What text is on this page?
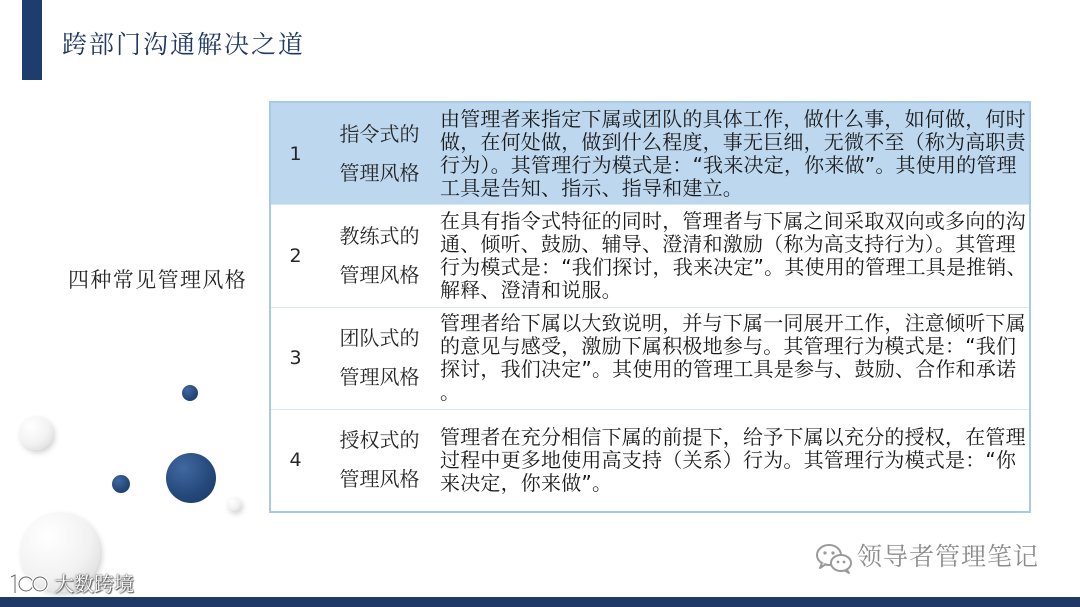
跨部门沟通解决之道
四种常见管理风格
1
指令式的管理风格
由管理者来指定下属或团队的具体工作，做什么事，如何做，何时做，在何处做，做到什么程度，事无巨细，无微不至（称为高职责行为）。其管理行为模式是：“我来决定，你来做”。其使用的管理工具是告知、指示、指导和建立。
2
教练式的管理风格
在具有指令式特征的同时，管理者与下属之间采取双向或多向的沟通、倾听、鼓励、辅导、澄清和激励（称为高支持行为）。其管理行为模式是：“我们探讨，我来决定”。其使用的管理工具是推销、解释、澄清和说服。
3
团队式的管理风格
管理者给下属以大致说明，并与下属一同展开工作，注意倾听下属的意见与感受，激励下属积极地参与。其管理行为模式是：“我们探讨，我们决定”。其使用的管理工具是参与、鼓励、合作和承诺。
4
授权式的管理风格
管理者在充分相信下属的前提下，给予下属以充分的授权，在管理过程中更多地使用高支持（关系）行为。其管理行为模式是：“你来决定，你来做”。
领导者管理笔记
大数跨境
